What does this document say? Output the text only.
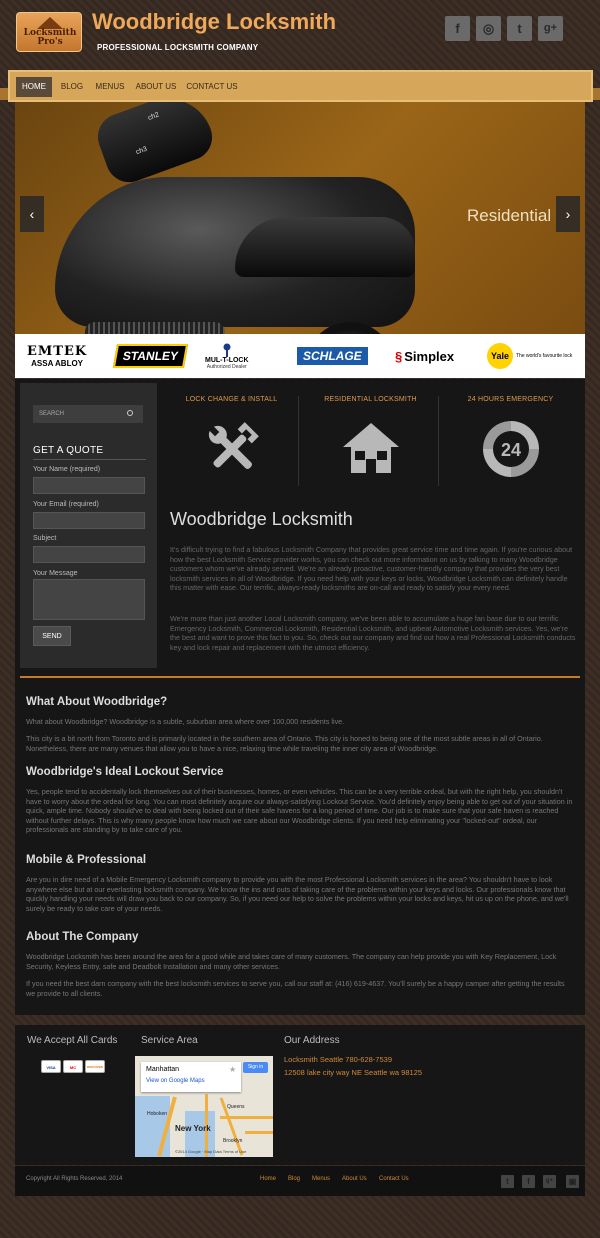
Locksmith
Pro's
Woodbridge Locksmith
PROFESSIONAL LOCKSMITH COMPANY
f	◎	t	g+
HOME	BLOG	MENUS	ABOUT US CONTACT US
ch2
ch3
Residential
‹	›
EMTEK
ASSA ABLOY
STANLEY	MUL-T-LOCK
Authorized Dealer
SCHLAGE	§ Simplex	Yale	The world's favourite lock
SEARCH
GET A QUOTE
Your Name (required)
Your Email (required)
Subject
Your Message
SEND
LOCK CHANGE & INSTALL	RESIDENTIAL LOCKSMITH	24 HOURS EMERGENCY
24
Woodbridge Locksmith
It's difficult trying to find a fabulous Locksmith Company that provides great service time and time again. If you're curious about how the best Locksmith Service provider works, you can check out more information on us by talking to many Woodbridge customers whom we've already served. We're an already proactive, customer-friendly company that provides the very best locksmith services in all of Woodbridge. If you need help with your keys or locks, Woodbridge Locksmith can definitely handle this matter with ease. Our terrific, always-ready locksmiths are on-call and ready to satisfy your every need.
We're more than just another Local Locksmith company, we've been able to accumulate a huge fan base due to our terrific Emergency Locksmith, Commercial Locksmith, Residential Locksmith, and upbeat Automotive Locksmith services. Yes, we're the best and want to prove this fact to you. So, check out our company and find out how a real Professional Locksmith conducts key and lock repair and replacement with the utmost efficiency.
What About Woodbridge?
What about Woodbridge? Woodbridge is a subtle, suburban area where over 100,000 residents live.
This city is a bit north from Toronto and is primarily located in the southern area of Ontario. This city is honed to being one of the most subtle areas in all of Ontario. Nonetheless, there are many venues that allow you to have a nice, relaxing time while traveling the inner city area of Woodbridge.
Woodbridge's Ideal Lockout Service
Yes, people tend to accidentally lock themselves out of their businesses, homes, or even vehicles. This can be a very terrible ordeal, but with the right help, you shouldn't have to worry about the ordeal for long. You can most definitely acquire our always-satisfying Lockout Service. You'd definitely enjoy being able to get out of your situation in quick, ample time. Nobody should've to deal with being locked out of their safe havens for a long period of time. Our job is to make sure that your safe haven is reached without further delays. This is why many people know how much we care about our Woodbridge clients. If you need help eliminating your "locked-out" ordeal, our professionals are standing by to take care of you.
Mobile & Professional
Are you in dire need of a Mobile Emergency Locksmith company to provide you with the most Professional Locksmith services in the area? You shouldn't have to look anywhere else but at our everlasting locksmith company. We know the ins and outs of taking care of the problems within your keys and locks. Our professionals know that quickly handling your needs will draw you back to our company. So, if you need our help to solve the problems within your locks and keys, hit us up on the phone, and we'll surely be ready to take care of your needs.
About The Company
Woodbridge Locksmith has been around the area for a good while and takes care of many customers. The company can help provide you with Key Replacement, Lock Security, Keyless Entry, safe and Deadbolt Installation and many other services.
If you need the best darn company with the best locksmith services to serve you, call our staff at: (416) 619-4637. You'll surely be a happy camper after getting the results we provide to all clients.
We Accept All Cards
VISA	MC	DISCOVER
Service Area
Hoboken
New York
Queens
Brooklyn
Manhattan
View on Google Maps
★	Sign in
©2014 Google · Map Data Terms of Use
Our Address
Locksmith Seattle 780-628-7539
12508 lake city way NE Seattle wa 98125
Copyright All Rights Reserved, 2014	Home Blog Menus About Us Contact Us	t	f	g+	▣
